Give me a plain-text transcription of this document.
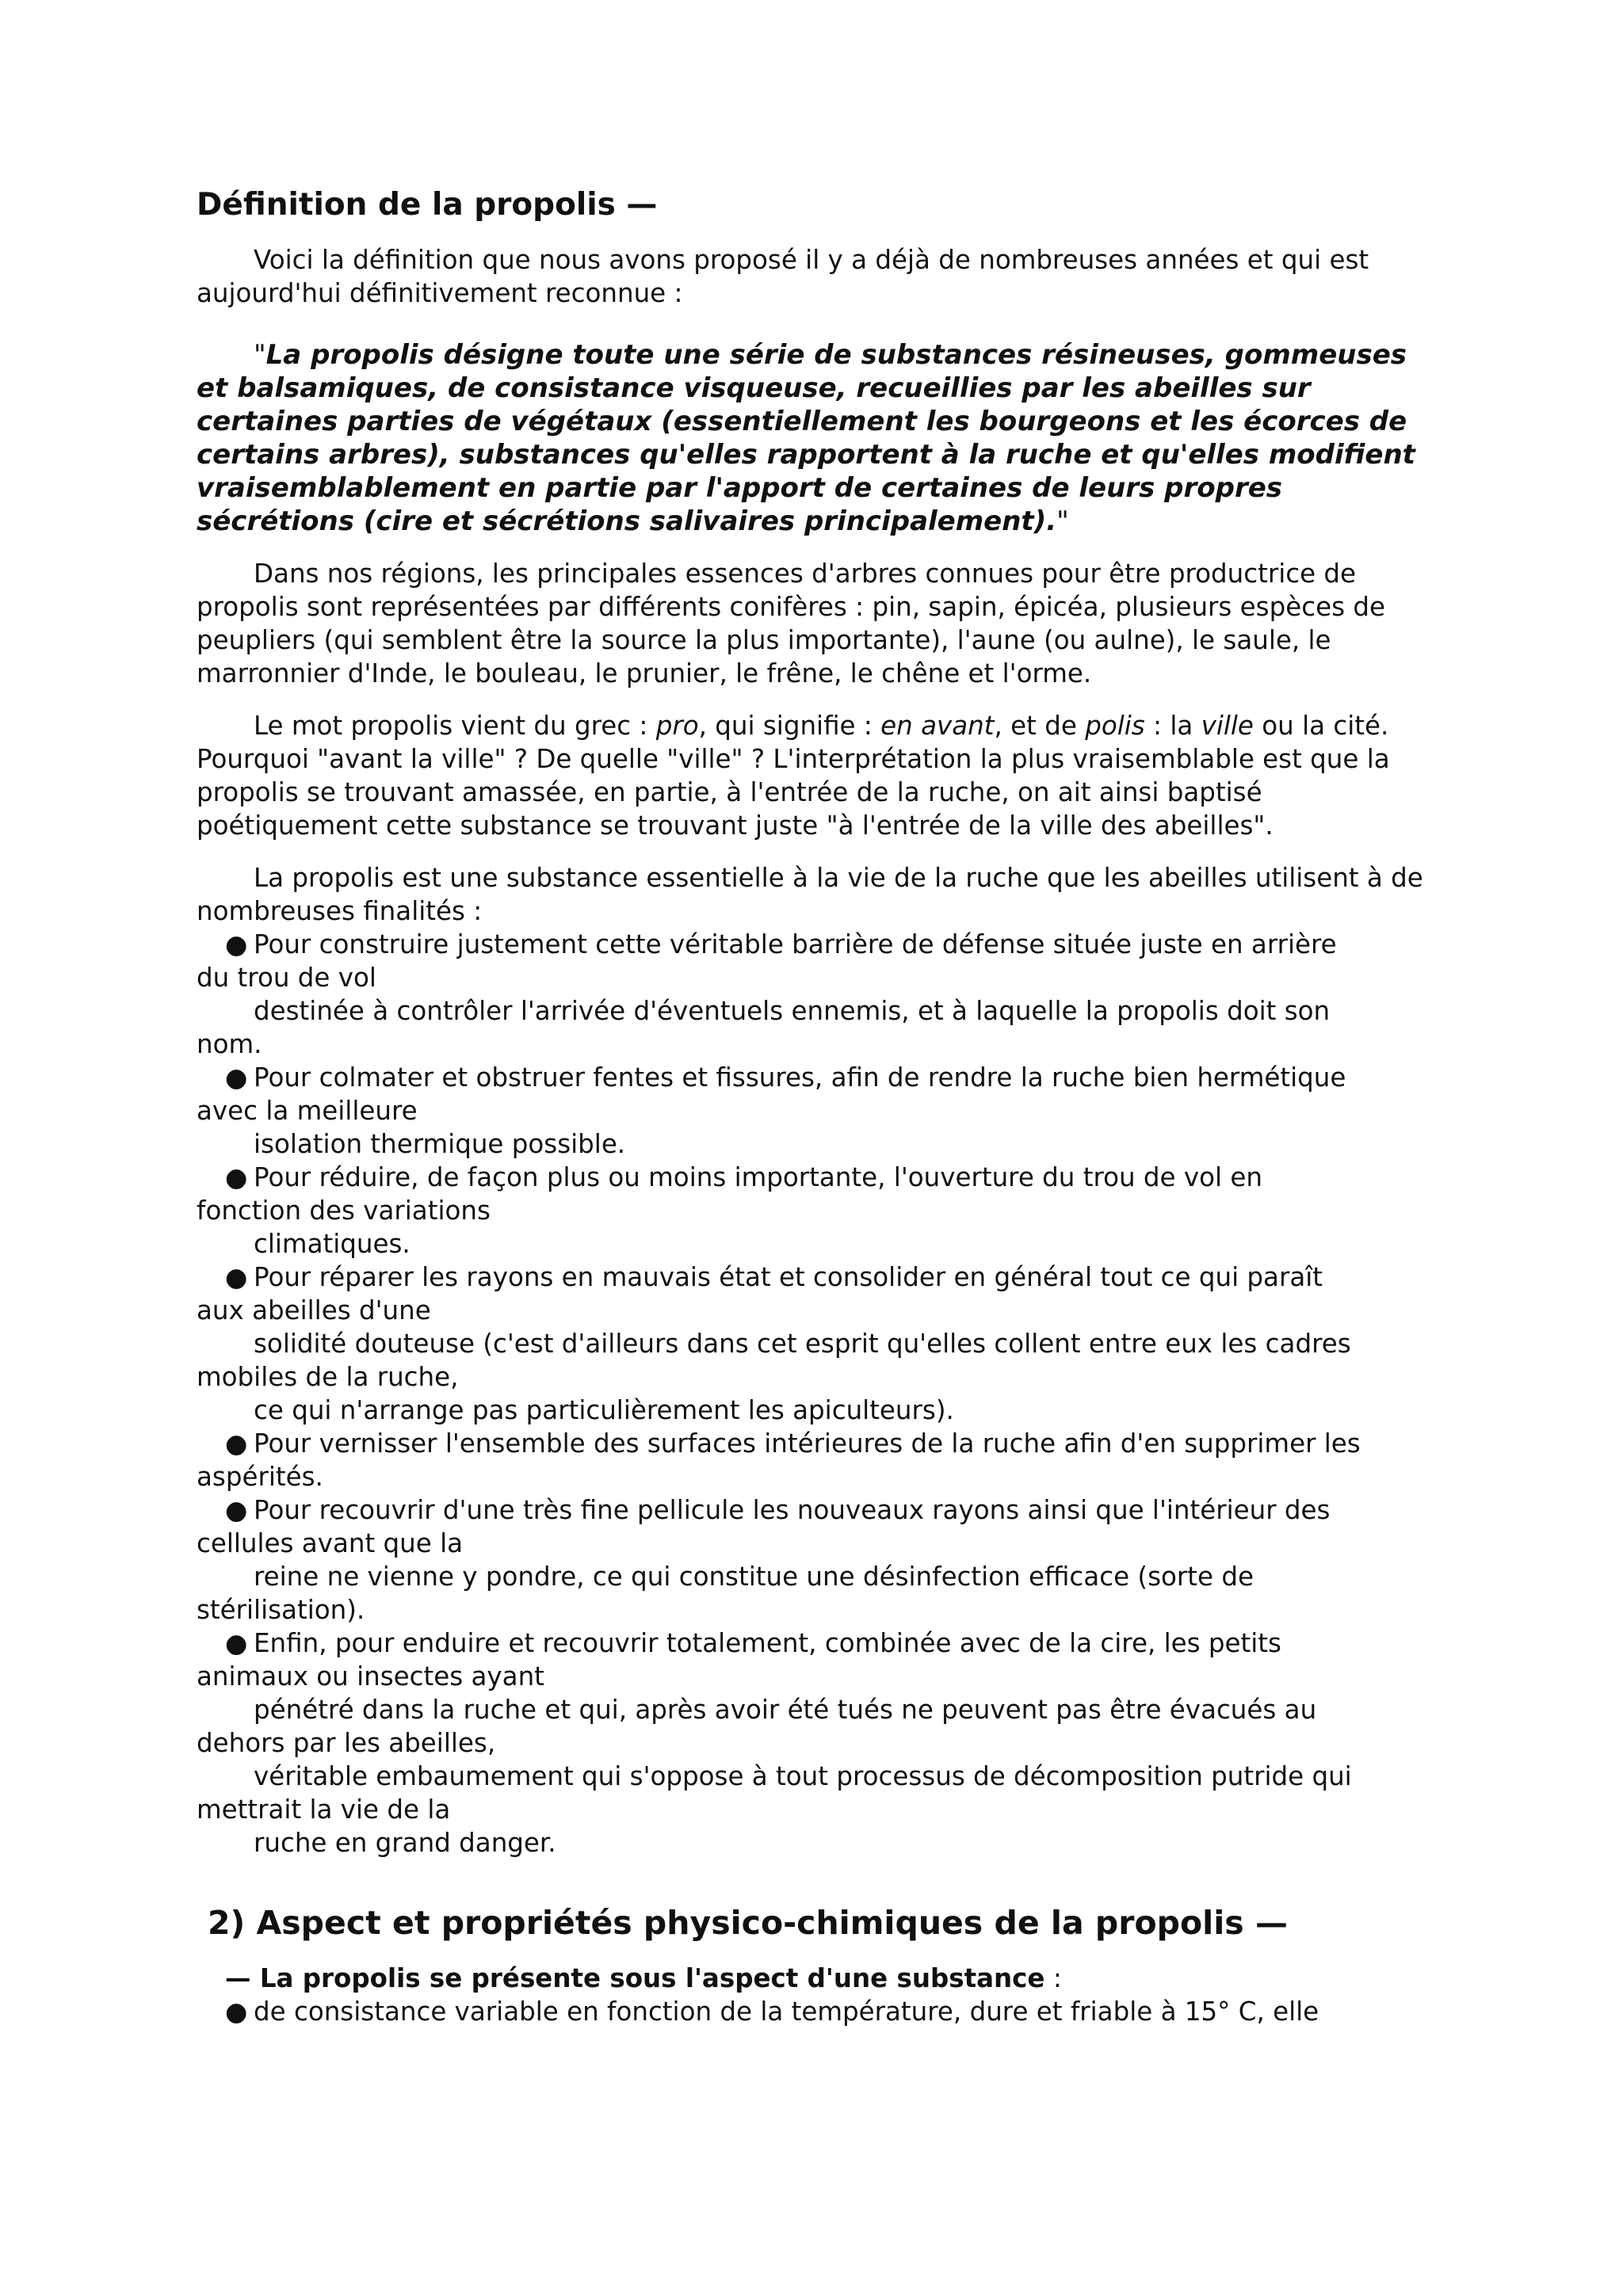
Définition de la propolis —

Voici la définition que nous avons proposé il y a déjà de nombreuses années et qui est aujourd'hui définitivement reconnue :

"La propolis désigne toute une série de substances résineuses, gommeuses et balsamiques, de consistance visqueuse, recueillies par les abeilles sur certaines parties de végétaux (essentiellement les bourgeons et les écorces de certains arbres), substances qu'elles rapportent à la ruche et qu'elles modifient vraisemblablement en partie par l'apport de certaines de leurs propres sécrétions (cire et sécrétions salivaires principalement)."

Dans nos régions, les principales essences d'arbres connues pour être productrice de propolis sont représentées par différents conifères : pin, sapin, épicéa, plusieurs espèces de peupliers (qui semblent être la source la plus importante), l'aune (ou aulne), le saule, le marronnier d'Inde, le bouleau, le prunier, le frêne, le chêne et l'orme.

Le mot propolis vient du grec : pro, qui signifie : en avant, et de polis : la ville ou la cité. Pourquoi "avant la ville" ? De quelle "ville" ? L'interprétation la plus vraisemblable est que la propolis se trouvant amassée, en partie, à l'entrée de la ruche, on ait ainsi baptisé poétiquement cette substance se trouvant juste "à l'entrée de la ville des abeilles".

La propolis est une substance essentielle à la vie de la ruche que les abeilles utilisent à de nombreuses finalités :

● Pour construire justement cette véritable barrière de défense située juste en arrière
du trou de vol
destinée à contrôler l'arrivée d'éventuels ennemis, et à laquelle la propolis doit son
nom.
● Pour colmater et obstruer fentes et fissures, afin de rendre la ruche bien hermétique
avec la meilleure
isolation thermique possible.
● Pour réduire, de façon plus ou moins importante, l'ouverture du trou de vol en
fonction des variations
climatiques.
● Pour réparer les rayons en mauvais état et consolider en général tout ce qui paraît
aux abeilles d'une
solidité douteuse (c'est d'ailleurs dans cet esprit qu'elles collent entre eux les cadres
mobiles de la ruche,
ce qui n'arrange pas particulièrement les apiculteurs).
● Pour vernisser l'ensemble des surfaces intérieures de la ruche afin d'en supprimer les
aspérités.
● Pour recouvrir d'une très fine pellicule les nouveaux rayons ainsi que l'intérieur des
cellules avant que la
reine ne vienne y pondre, ce qui constitue une désinfection efficace (sorte de
stérilisation).
● Enfin, pour enduire et recouvrir totalement, combinée avec de la cire, les petits
animaux ou insectes ayant
pénétré dans la ruche et qui, après avoir été tués ne peuvent pas être évacués au
dehors par les abeilles,
véritable embaumement qui s'oppose à tout processus de décomposition putride qui
mettrait la vie de la
ruche en grand danger.
2) Aspect et propriétés physico-chimiques de la propolis —

— La propolis se présente sous l'aspect d'une substance :

● de consistance variable en fonction de la température, dure et friable à 15° C, elle
